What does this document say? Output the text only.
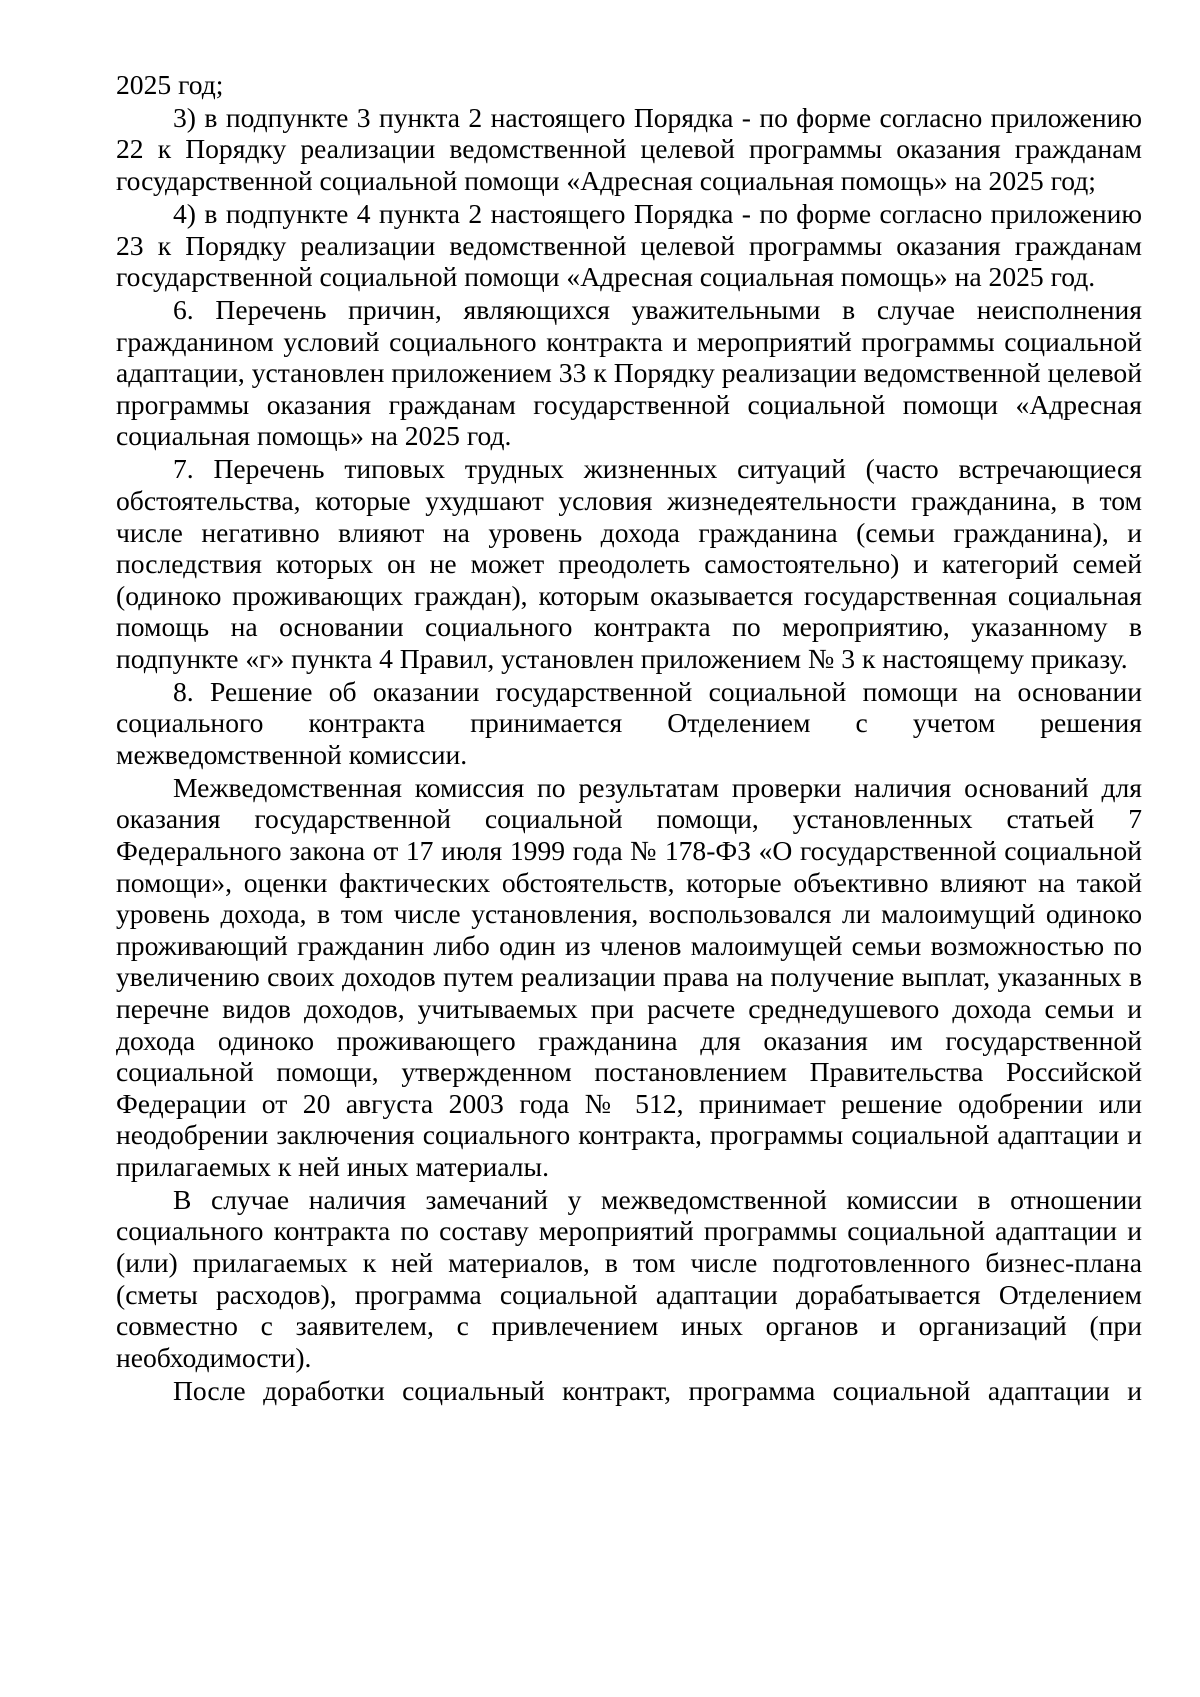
2025 год;

3) в подпункте 3 пункта 2 настоящего Порядка - по форме согласно приложению 22 к Порядку реализации ведомственной целевой программы оказания гражданам государственной социальной помощи «Адресная социальная помощь» на 2025 год;

4) в подпункте 4 пункта 2 настоящего Порядка - по форме согласно приложению 23 к Порядку реализации ведомственной целевой программы оказания гражданам государственной социальной помощи «Адресная социальная помощь» на 2025 год.

6. Перечень причин, являющихся уважительными в случае неисполнения гражданином условий социального контракта и мероприятий программы социальной адаптации, установлен приложением 33 к Порядку реализации ведомственной целевой программы оказания гражданам государственной социальной помощи «Адресная социальная помощь» на 2025 год.

7. Перечень типовых трудных жизненных ситуаций (часто встречающиеся обстоятельства, которые ухудшают условия жизнедеятельности гражданина, в том числе негативно влияют на уровень дохода гражданина (семьи гражданина), и последствия которых он не может преодолеть самостоятельно) и категорий семей (одиноко проживающих граждан), которым оказывается государственная социальная помощь на основании социального контракта по мероприятию, указанному в подпункте «г» пункта 4 Правил, установлен приложением № 3 к настоящему приказу.

8. Решение об оказании государственной социальной помощи на основании социального контракта принимается Отделением с учетом решения межведомственной комиссии.

Межведомственная комиссия по результатам проверки наличия оснований для оказания государственной социальной помощи, установленных статьей 7 Федерального закона от 17 июля 1999 года № 178-ФЗ «О государственной социальной помощи», оценки фактических обстоятельств, которые объективно влияют на такой уровень дохода, в том числе установления, воспользовался ли малоимущий одиноко проживающий гражданин либо один из членов малоимущей семьи возможностью по увеличению своих доходов путем реализации права на получение выплат, указанных в перечне видов доходов, учитываемых при расчете среднедушевого дохода семьи и дохода одиноко проживающего гражданина для оказания им государственной социальной помощи, утвержденном постановлением Правительства Российской Федерации от 20 августа 2003 года № 512, принимает решение одобрении или неодобрении заключения социального контракта, программы социальной адаптации и прилагаемых к ней иных материалы.

В случае наличия замечаний у межведомственной комиссии в отношении социального контракта по составу мероприятий программы социальной адаптации и (или) прилагаемых к ней материалов, в том числе подготовленного бизнес-плана (сметы расходов), программа социальной адаптации дорабатывается Отделением совместно с заявителем, с привлечением иных органов и организаций (при необходимости).

После доработки социальный контракт, программа социальной адаптации и
